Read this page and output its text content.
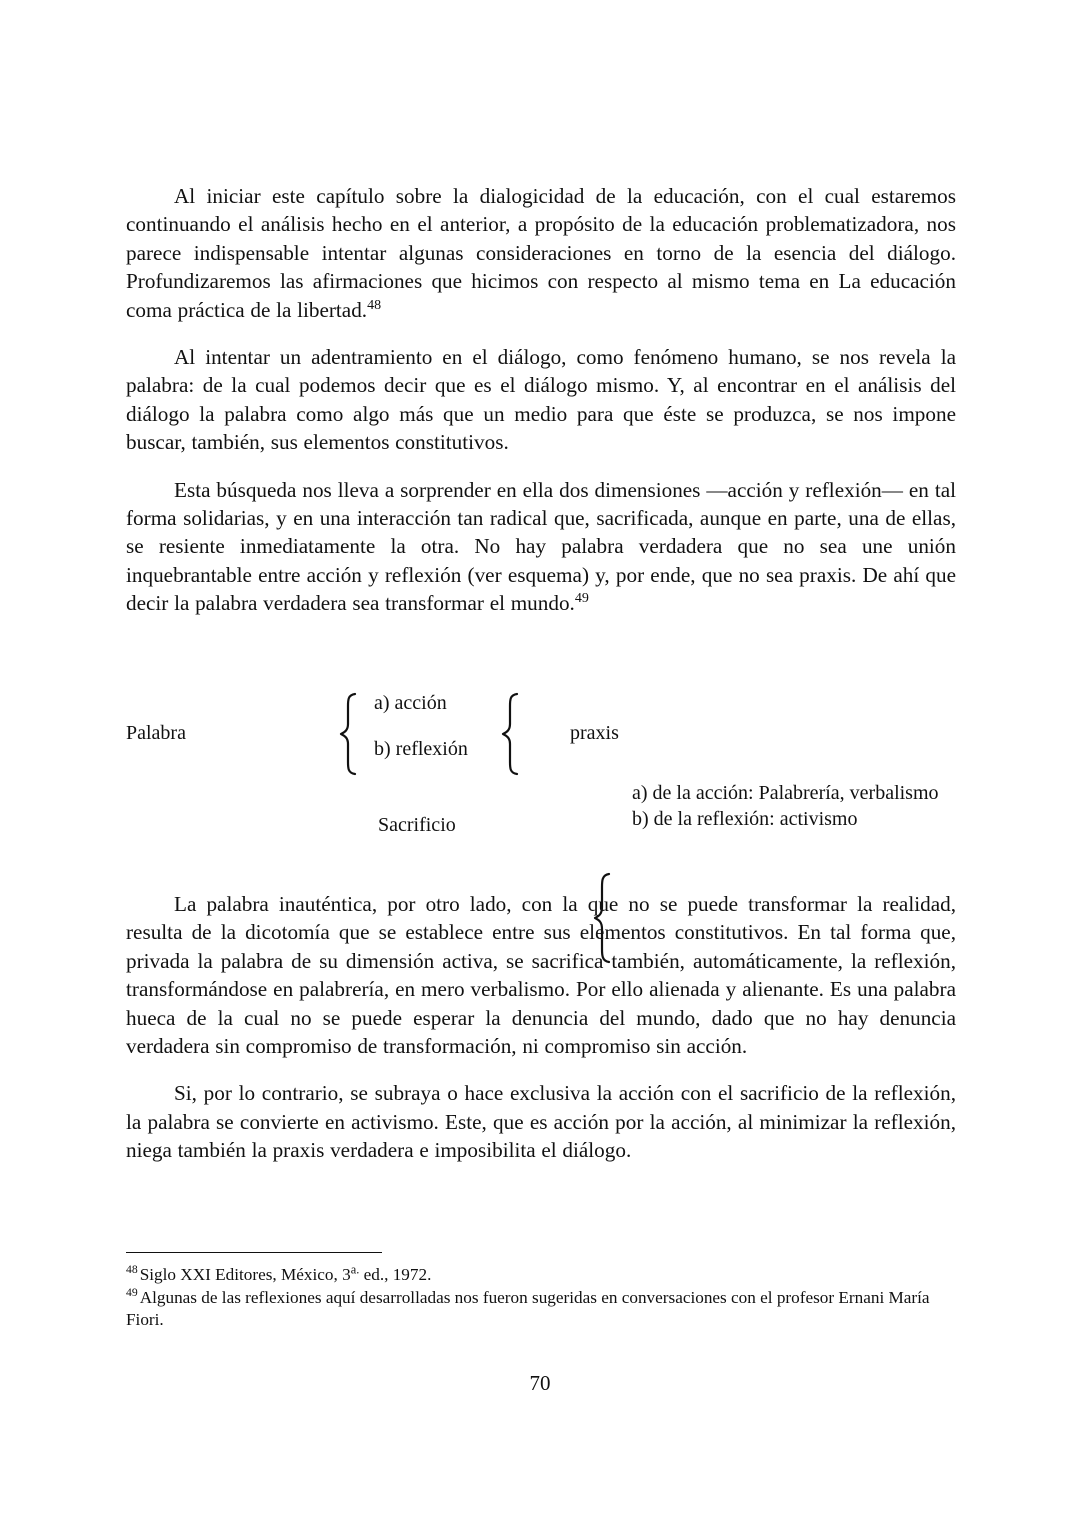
Al iniciar este capítulo sobre la dialogicidad de la educación, con el cual estaremos continuando el análisis hecho en el anterior, a propósito de la educación problematizadora, nos parece indispensable intentar algunas consideraciones en torno de la esencia del diálogo. Profundizaremos las afirmaciones que hicimos con respecto al mismo tema en La educación coma práctica de la libertad.$^{48}$

Al intentar un adentramiento en el diálogo, como fenómeno humano, se nos revela la palabra: de la cual podemos decir que es el diálogo mismo. Y, al encontrar en el análisis del diálogo la palabra como algo más que un medio para que éste se produzca, se nos impone buscar, también, sus elementos constitutivos.

Esta búsqueda nos lleva a sorprender en ella dos dimensiones —acción y reflexión— en tal forma solidarias, y en una interacción tan radical que, sacrificada, aunque en parte, una de ellas, se resiente inmediatamente la otra. No hay palabra verdadera que no sea une unión inquebrantable entre acción y reflexión (ver esquema) y, por ende, que no sea praxis. De ahí que decir la palabra verdadera sea transformar el mundo.$^{49}$

Palabra
a) acción
b) reflexión
praxis
Sacrificio
a) de la acción: Palabrería, verbalismo
b) de la reflexión: activismo

La palabra inauténtica, por otro lado, con la que no se puede transformar la realidad, resulta de la dicotomía que se establece entre sus elementos constitutivos. En tal forma que, privada la palabra de su dimensión activa, se sacrifica también, automáticamente, la reflexión, transformándose en palabrería, en mero verbalismo. Por ello alienada y alienante. Es una palabra hueca de la cual no se puede esperar la denuncia del mundo, dado que no hay denuncia verdadera sin compromiso de transformación, ni compromiso sin acción.

Si, por lo contrario, se subraya o hace exclusiva la acción con el sacrificio de la reflexión, la palabra se convierte en activismo. Este, que es acción por la acción, al minimizar la reflexión, niega también la praxis verdadera e imposibilita el diálogo.

$^{48}$ Siglo XXI Editores, México, $3^{a.}$ ed., 1972.

$^{49}$ Algunas de las reflexiones aquí desarrolladas nos fueron sugeridas en conversaciones con el profesor Ernani María Fiori.

70
